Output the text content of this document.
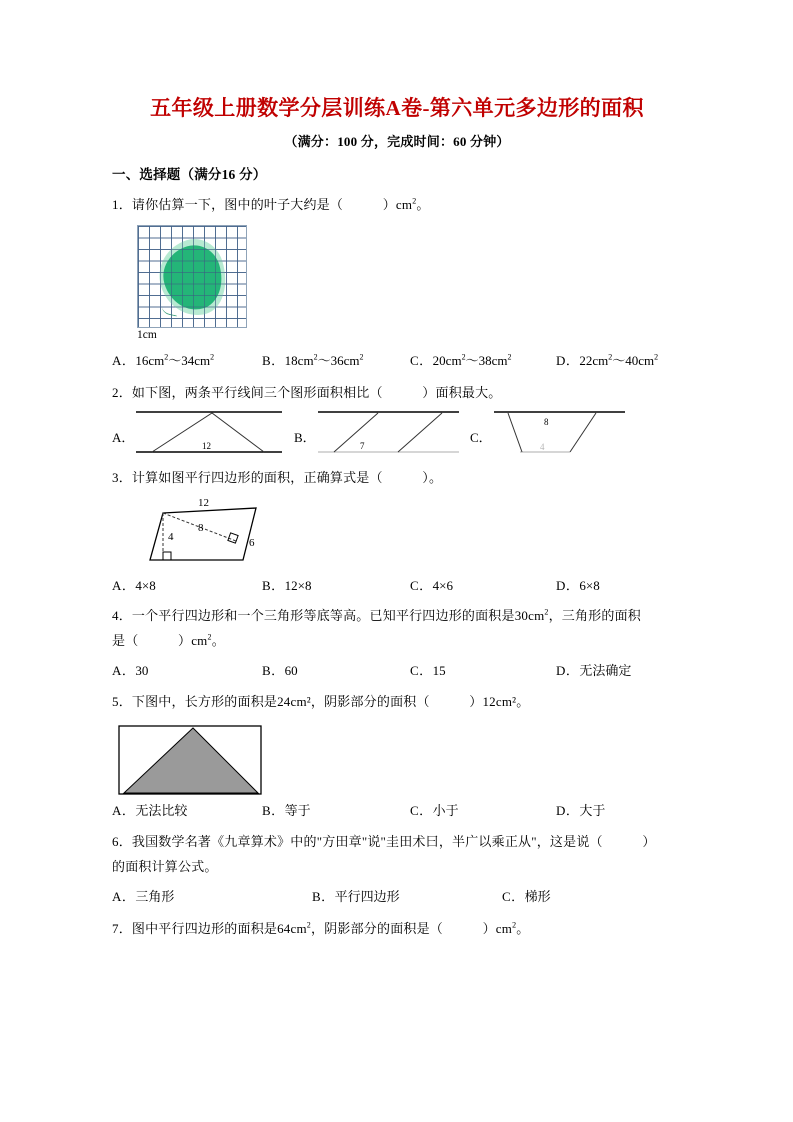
五年级上册数学分层训练A卷-第六单元多边形的面积
（满分：100 分，完成时间：60 分钟）
一、选择题（满分16 分）
1．请你估算一下，图中的叶子大约是（　　　）$cm^2$。
1cm
A．$16cm^2\sim 34cm^2$	B．$18cm^2\sim 36cm^2$	C．$20cm^2\sim 38cm^2$	D．$22cm^2\sim 40cm^2$
2．如下图，两条平行线间三个图形面积相比（　　　）面积最大。
A．
12
B．
7
C．
8
4
3．计算如图平行四边形的面积，正确算式是（　　　）。
12
8
4	6
A．4×8	B．12×8	C．4×6	D．6×8
4．一个平行四边形和一个三角形等底等高。已知平行四边形的面积是$30cm^2$，三角形的面积
是（　　　）$cm^2$。
A．30	B．60	C．15	D．无法确定
5．下图中，长方形的面积是24cm²，阴影部分的面积（　　　）12cm²。
A．无法比较	B．等于	C．小于	D．大于
6．我国数学名著《九章算术》中的"方田章"说"圭田术曰，半广以乘正从"，这是说（　　　）
的面积计算公式。
A．三角形	B．平行四边形	C．梯形
7．图中平行四边形的面积是$64cm^2$，阴影部分的面积是（　　　）$cm^2$。
